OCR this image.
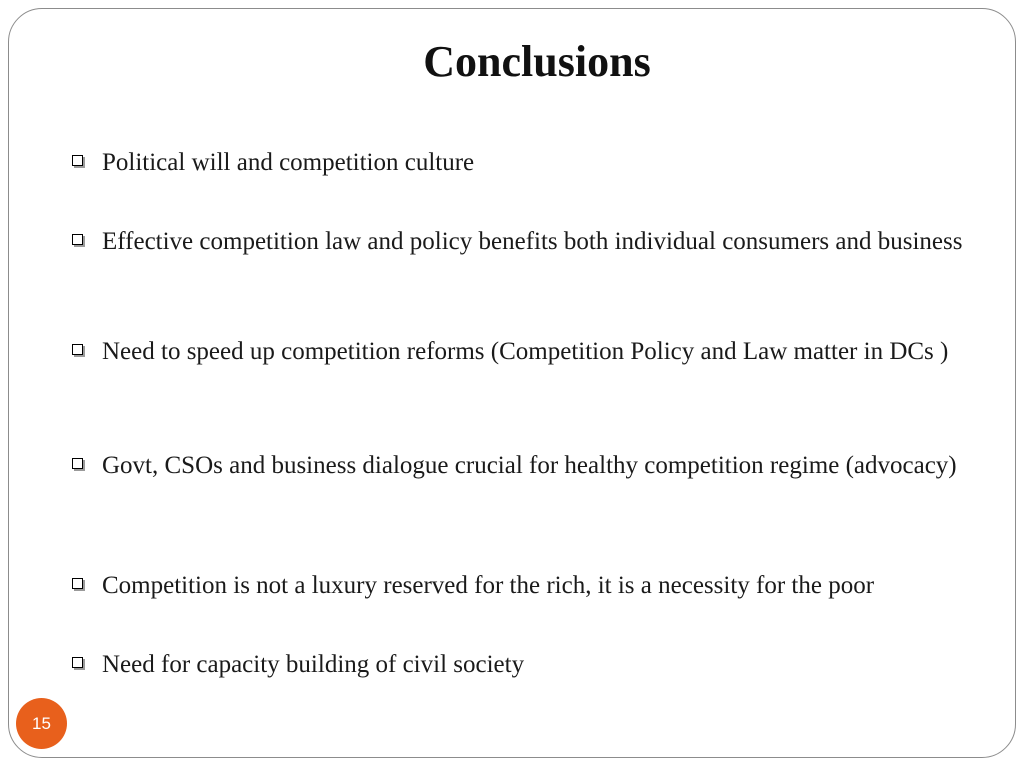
Conclusions
Political will and competition culture
Effective competition law and policy benefits both individual consumers and business
Need to speed up competition reforms (Competition Policy and Law matter in DCs )
Govt, CSOs and business dialogue crucial for healthy competition regime (advocacy)
Competition is not a luxury reserved for the rich, it is a necessity for the poor
Need for capacity building of civil society
15
